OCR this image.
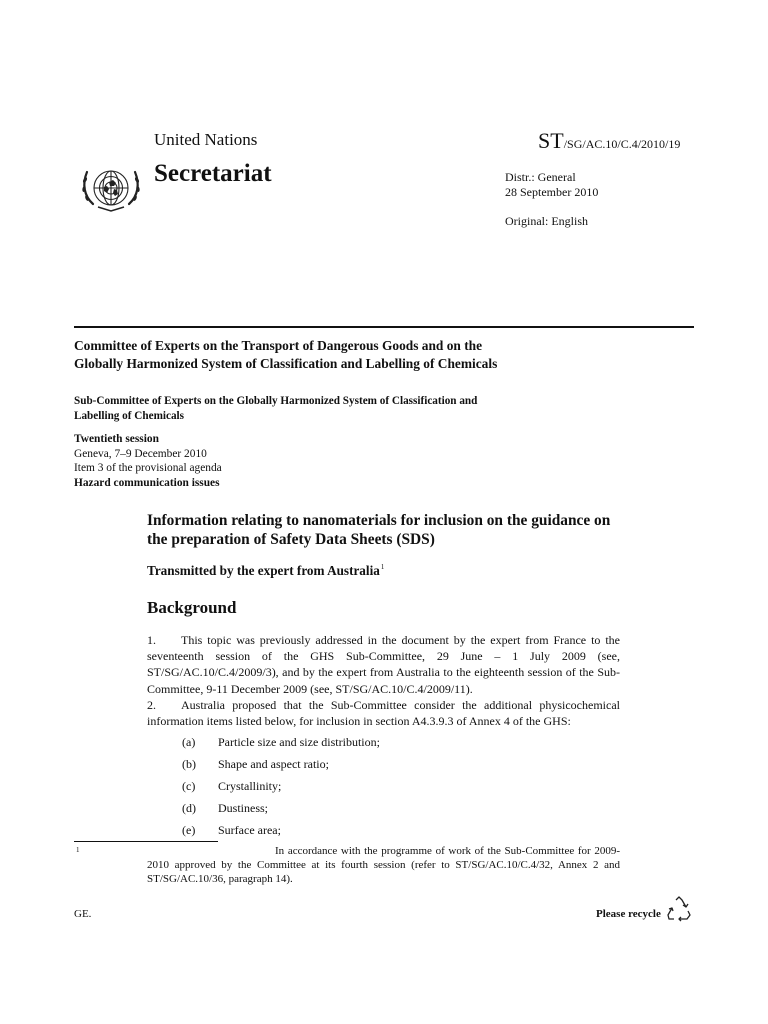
United Nations	ST/SG/AC.10/C.4/2010/19
Secretariat	Distr.: General
28 September 2010
Original: English
Committee of Experts on the Transport of Dangerous Goods and on the Globally Harmonized System of Classification and Labelling of Chemicals
Sub-Committee of Experts on the Globally Harmonized System of Classification and Labelling of Chemicals
Twentieth session
Geneva, 7–9 December 2010
Item 3 of the provisional agenda
Hazard communication issues
Information relating to nanomaterials for inclusion on the guidance on the preparation of Safety Data Sheets (SDS)
Transmitted by the expert from Australia$^1$
Background
1. This topic was previously addressed in the document by the expert from France to the seventeenth session of the GHS Sub-Committee, 29 June – 1 July 2009 (see, ST/SG/AC.10/C.4/2009/3), and by the expert from Australia to the eighteenth session of the Sub-Committee, 9-11 December 2009 (see, ST/SG/AC.10/C.4/2009/11).
2. Australia proposed that the Sub-Committee consider the additional physicochemical information items listed below, for inclusion in section A4.3.9.3 of Annex 4 of the GHS:
(a) Particle size and size distribution;
(b) Shape and aspect ratio;
(c) Crystallinity;
(d) Dustiness;
(e) Surface area;
1	In accordance with the programme of work of the Sub-Committee for 2009-2010 approved by the Committee at its fourth session (refer to ST/SG/AC.10/C.4/32, Annex 2 and ST/SG/AC.10/36, paragraph 14).
GE.	Please recycle
